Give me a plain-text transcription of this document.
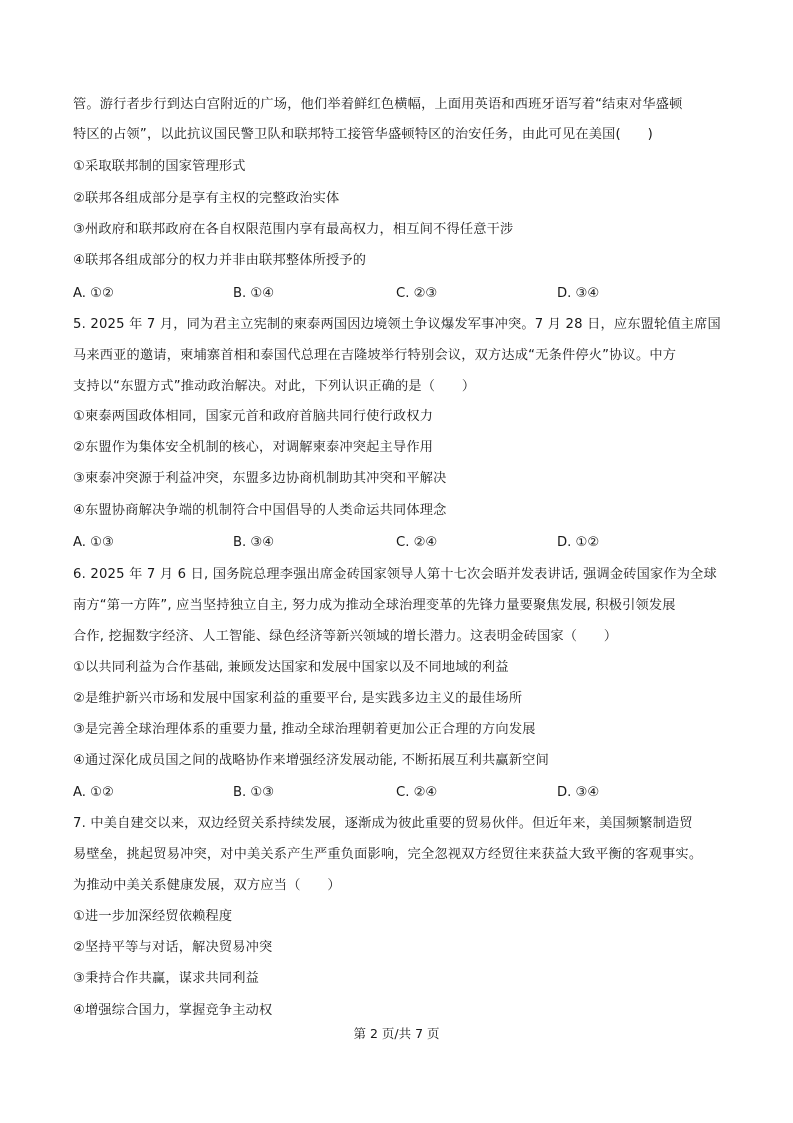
管。游行者步行到达白宫附近的广场，他们举着鲜红色横幅，上面用英语和西班牙语写着“结束对华盛顿
特区的占领”，以此抗议国民警卫队和联邦特工接管华盛顿特区的治安任务，由此可见在美国(　　)
①采取联邦制的国家管理形式
②联邦各组成部分是享有主权的完整政治实体
③州政府和联邦政府在各自权限范围内享有最高权力，相互间不得任意干涉
④联邦各组成部分的权力并非由联邦整体所授予的
A. ①②	B. ①④	C. ②③	D. ③④
5. 2025 年 7 月，同为君主立宪制的柬泰两国因边境领土争议爆发军事冲突。7 月 28 日，应东盟轮值主席国
马来西亚的邀请，柬埔寨首相和泰国代总理在吉隆坡举行特别会议，双方达成“无条件停火”协议。中方
支持以“东盟方式”推动政治解决。对此，下列认识正确的是（　　）
①柬泰两国政体相同，国家元首和政府首脑共同行使行政权力
②东盟作为集体安全机制的核心，对调解柬泰冲突起主导作用
③柬泰冲突源于利益冲突，东盟多边协商机制助其冲突和平解决
④东盟协商解决争端的机制符合中国倡导的人类命运共同体理念
A. ①③	B. ③④	C. ②④	D. ①②
6. 2025 年 7 月 6 日, 国务院总理李强出席金砖国家领导人第十七次会晤并发表讲话, 强调金砖国家作为全球
南方“第一方阵”, 应当坚持独立自主, 努力成为推动全球治理变革的先锋力量要聚焦发展, 积极引领发展
合作, 挖掘数字经济、人工智能、绿色经济等新兴领域的增长潜力。这表明金砖国家（　　）
①以共同利益为合作基础, 兼顾发达国家和发展中国家以及不同地域的利益
②是维护新兴市场和发展中国家利益的重要平台, 是实践多边主义的最佳场所
③是完善全球治理体系的重要力量, 推动全球治理朝着更加公正合理的方向发展
④通过深化成员国之间的战略协作来增强经济发展动能, 不断拓展互利共赢新空间
A. ①②	B. ①③	C. ②④	D. ③④
7. 中美自建交以来，双边经贸关系持续发展，逐渐成为彼此重要的贸易伙伴。但近年来，美国频繁制造贸
易壁垒，挑起贸易冲突，对中美关系产生严重负面影响，完全忽视双方经贸往来获益大致平衡的客观事实。
为推动中美关系健康发展，双方应当（　　）
①进一步加深经贸依赖程度
②坚持平等与对话，解决贸易冲突
③秉持合作共赢，谋求共同利益
④增强综合国力，掌握竞争主动权
第 2 页/共 7 页
